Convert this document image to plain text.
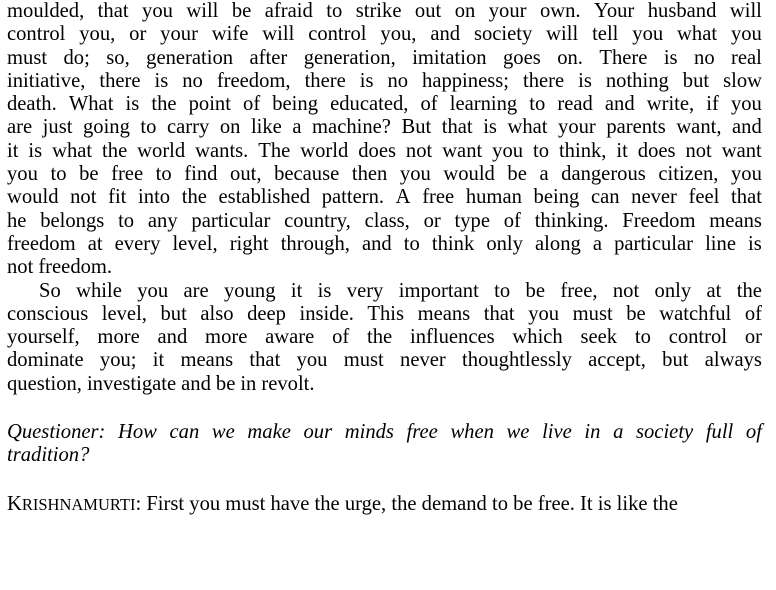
moulded, that you will be afraid to strike out on your own. Your husband will
control you, or your wife will control you, and society will tell you what you
must do; so, generation after generation, imitation goes on. There is no real
initiative, there is no freedom, there is no happiness; there is nothing but slow
death. What is the point of being educated, of learning to read and write, if you
are just going to carry on like a machine? But that is what your parents want, and
it is what the world wants. The world does not want you to think, it does not want
you to be free to find out, because then you would be a dangerous citizen, you
would not fit into the established pattern. A free human being can never feel that
he belongs to any particular country, class, or type of thinking. Freedom means
freedom at every level, right through, and to think only along a particular line is
not freedom.
So while you are young it is very important to be free, not only at the
conscious level, but also deep inside. This means that you must be watchful of
yourself, more and more aware of the influences which seek to control or
dominate you; it means that you must never thoughtlessly accept, but always
question, investigate and be in revolt.
Questioner: How can we make our minds free when we live in a society full of
tradition?
KRISHNAMURTI : First you must have the urge, the demand to be free. It is like the
